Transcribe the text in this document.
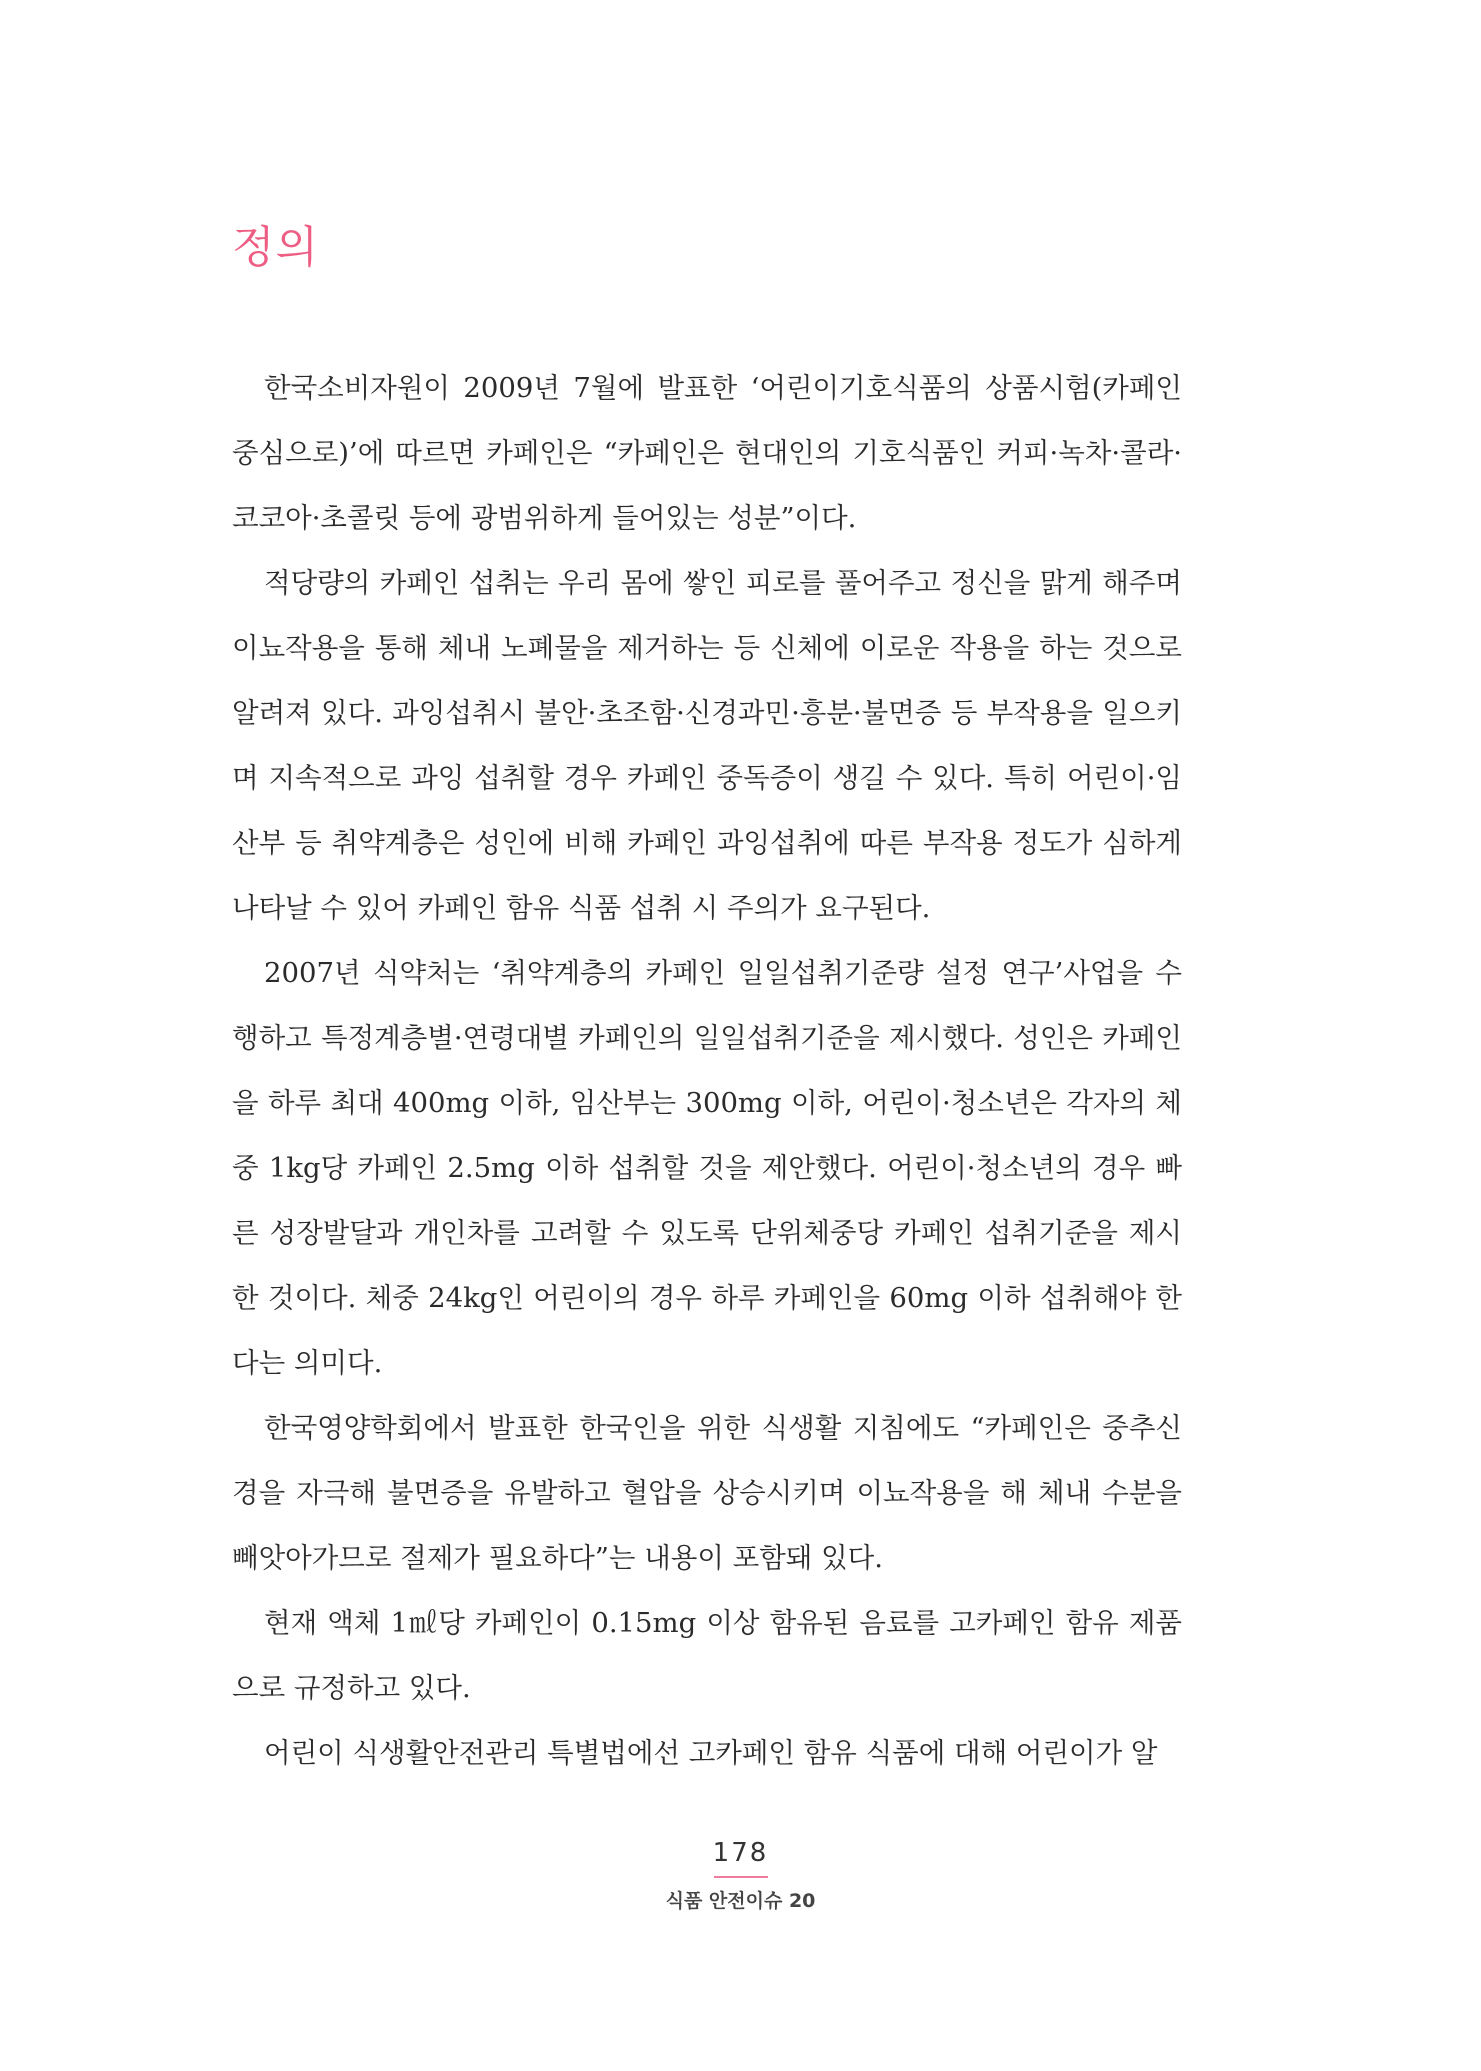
정의

한국소비자원이 2009년 7월에 발표한 ‘어린이기호식품의 상품시험(카페인 중심으로)’에 따르면 카페인은 “카페인은 현대인의 기호식품인 커피·녹차·콜라·코코아·초콜릿 등에 광범위하게 들어있는 성분”이다.

적당량의 카페인 섭취는 우리 몸에 쌓인 피로를 풀어주고 정신을 맑게 해주며 이뇨작용을 통해 체내 노폐물을 제거하는 등 신체에 이로운 작용을 하는 것으로 알려져 있다. 과잉섭취시 불안·초조함·신경과민·흥분·불면증 등 부작용을 일으키며 지속적으로 과잉 섭취할 경우 카페인 중독증이 생길 수 있다. 특히 어린이·임산부 등 취약계층은 성인에 비해 카페인 과잉섭취에 따른 부작용 정도가 심하게 나타날 수 있어 카페인 함유 식품 섭취 시 주의가 요구된다.

2007년 식약처는 ‘취약계층의 카페인 일일섭취기준량 설정 연구’사업을 수행하고 특정계층별·연령대별 카페인의 일일섭취기준을 제시했다. 성인은 카페인을 하루 최대 400mg 이하, 임산부는 300mg 이하, 어린이·청소년은 각자의 체중 1kg당 카페인 2.5mg 이하 섭취할 것을 제안했다. 어린이·청소년의 경우 빠른 성장발달과 개인차를 고려할 수 있도록 단위체중당 카페인 섭취기준을 제시한 것이다. 체중 24kg인 어린이의 경우 하루 카페인을 60mg 이하 섭취해야 한다는 의미다.

한국영양학회에서 발표한 한국인을 위한 식생활 지침에도 “카페인은 중추신경을 자극해 불면증을 유발하고 혈압을 상승시키며 이뇨작용을 해 체내 수분을 빼앗아가므로 절제가 필요하다”는 내용이 포함돼 있다.

현재 액체 1㎖당 카페인이 0.15mg 이상 함유된 음료를 고카페인 함유 제품으로 규정하고 있다.

어린이 식생활안전관리 특별법에선 고카페인 함유 식품에 대해 어린이가 알

178
식품 안전이슈 20
